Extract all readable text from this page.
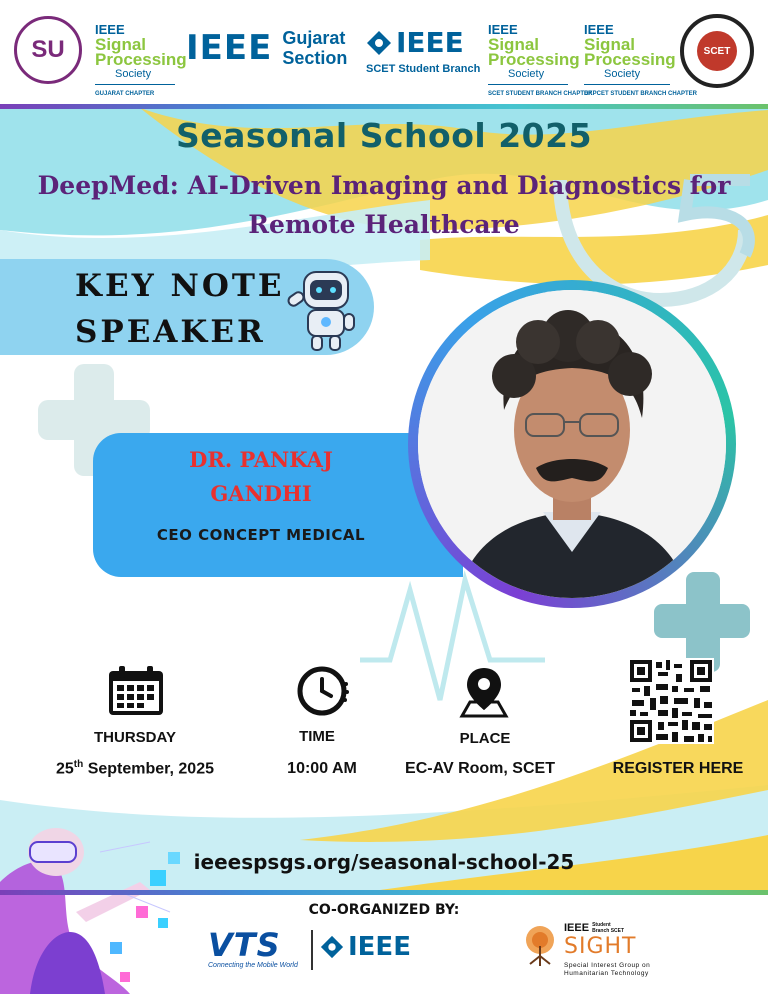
SU
IEEE
Signal
Processing
Society
GUJARAT CHAPTER
IEEE Gujarat
Section IEEE
SCET Student Branch
IEEE
Signal
Processing
Society
SCET STUDENT BRANCH CHAPTER
IEEE
Signal
Processing
Society
DKPCET STUDENT BRANCH CHAPTER
SCET
Seasonal School 2025
DeepMed: AI-Driven Imaging and Diagnostics for
Remote Healthcare
KEY NOTE
SPEAKER
DR. PANKAJ
GANDHI
CEO CONCEPT MEDICAL
THURSDAY
25th September, 2025
TIME
10:00 AM
PLACE
EC-AV Room, SCET	REGISTER HERE
ieeespsgs.org/seasonal-school-25
CO-ORGANIZED BY:
VTS
Connecting the Mobile World
IEEE
IEEE Student Branch SCET
SIGHT
Special Interest Group on
Humanitarian Technology
